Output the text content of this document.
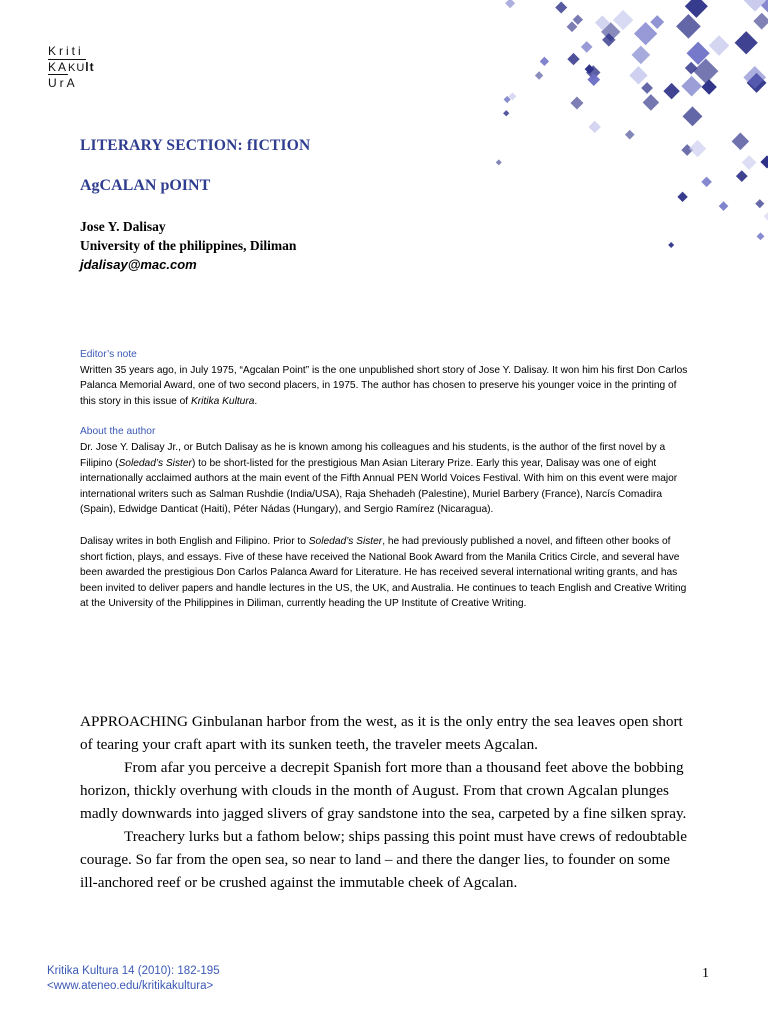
Kriti
KAKUlt
UrA
LITERARY SECTION: fICTION
AgCALAN pOINT
Jose Y. Dalisay
University of the philippines, Diliman
jdalisay@mac.com
Editor’s note

Written 35 years ago, in July 1975, “Agcalan Point” is the one unpublished short story of Jose Y. Dalisay. It won him his first Don Carlos Palanca Memorial Award, one of two second placers, in 1975. The author has chosen to preserve his younger voice in the printing of this story in this issue of Kritika Kultura.

About the author

Dr. Jose Y. Dalisay Jr., or Butch Dalisay as he is known among his colleagues and his students, is the author of the first novel by a Filipino (Soledad’s Sister) to be short-listed for the prestigious Man Asian Literary Prize. Early this year, Dalisay was one of eight internationally acclaimed authors at the main event of the Fifth Annual PEN World Voices Festival. With him on this event were major international writers such as Salman Rushdie (India/USA), Raja Shehadeh (Palestine), Muriel Barbery (France), Narcís Comadira (Spain), Edwidge Danticat (Haiti), Péter Nádas (Hungary), and Sergio Ramírez (Nicaragua).

Dalisay writes in both English and Filipino. Prior to Soledad’s Sister, he had previously published a novel, and fifteen other books of short fiction, plays, and essays. Five of these have received the National Book Award from the Manila Critics Circle, and several have been awarded the prestigious Don Carlos Palanca Award for Literature. He has received several international writing grants, and has been invited to deliver papers and handle lectures in the US, the UK, and Australia. He continues to teach English and Creative Writing at the University of the Philippines in Diliman, currently heading the UP Institute of Creative Writing.

APPROACHING Ginbulanan harbor from the west, as it is the only entry the sea leaves open short of tearing your craft apart with its sunken teeth, the traveler meets Agcalan.

From afar you perceive a decrepit Spanish fort more than a thousand feet above the bobbing horizon, thickly overhung with clouds in the month of August. From that crown Agcalan plunges madly downwards into jagged slivers of gray sandstone into the sea, carpeted by a fine silken spray.

Treachery lurks but a fathom below; ships passing this point must have crews of redoubtable courage. So far from the open sea, so near to land – and there the danger lies, to founder on some ill-anchored reef or be crushed against the immutable cheek of Agcalan.

Kritika Kultura 14 (2010): 182-195
<www.ateneo.edu/kritikakultura>
1
